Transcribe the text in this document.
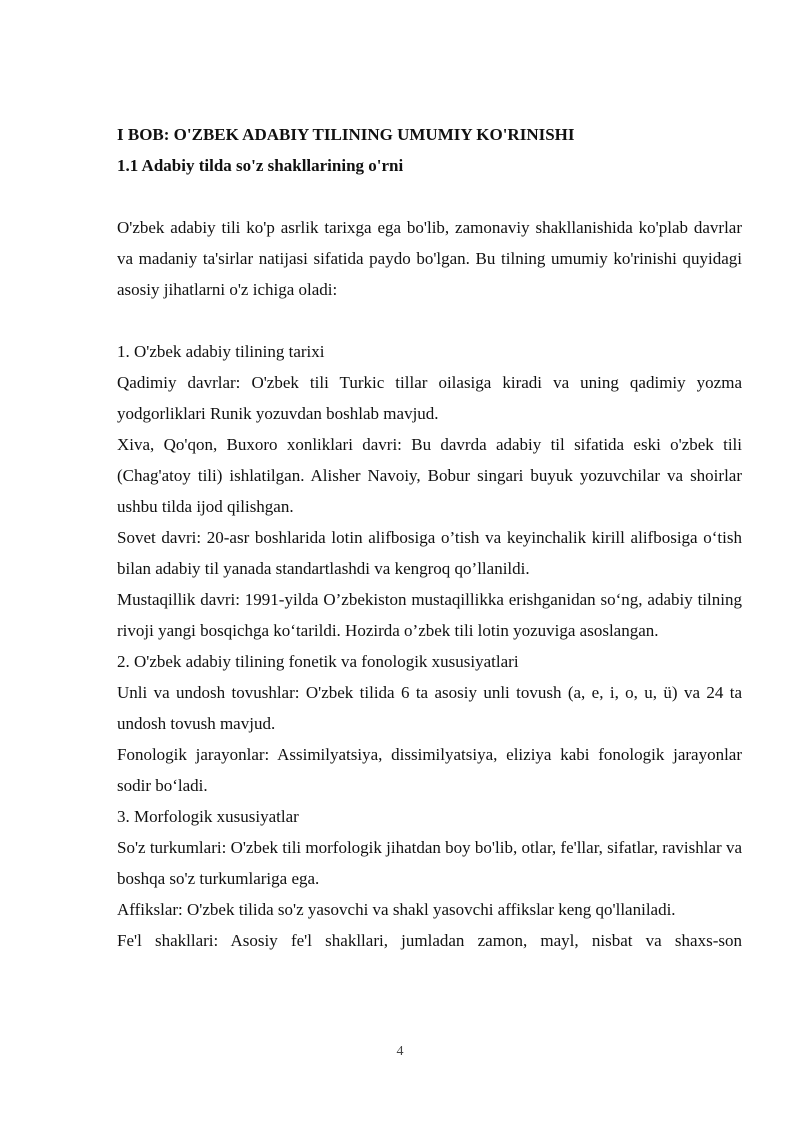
I BOB: O'ZBEK ADABIY TILINING UMUMIY KO'RINISHI
1.1 Adabiy tilda so'z shakllarining o'rni

O'zbek adabiy tili ko'p asrlik tarixga ega bo'lib, zamonaviy shakllanishida ko'plab davrlar va madaniy ta'sirlar natijasi sifatida paydo bo'lgan. Bu tilning umumiy ko'rinishi quyidagi asosiy jihatlarni o'z ichiga oladi:

1. O'zbek adabiy tilining tarixi

Qadimiy davrlar: O'zbek tili Turkic tillar oilasiga kiradi va uning qadimiy yozma yodgorliklari Runik yozuvdan boshlab mavjud.

Xiva, Qo'qon, Buxoro xonliklari davri: Bu davrda adabiy til sifatida eski o'zbek tili (Chag'atoy tili) ishlatilgan. Alisher Navoiy, Bobur singari buyuk yozuvchilar va shoirlar ushbu tilda ijod qilishgan.

Sovet davri: 20-asr boshlarida lotin alifbosiga o’tish va keyinchalik kirill alifbosiga o‘tish bilan adabiy til yanada standartlashdi va kengroq qo’llanildi.

Mustaqillik davri: 1991-yilda O’zbekiston mustaqillikka erishganidan so‘ng, adabiy tilning rivoji yangi bosqichga ko‘tarildi. Hozirda o’zbek tili lotin yozuviga asoslangan.

2. O'zbek adabiy tilining fonetik va fonologik xususiyatlari

Unli va undosh tovushlar: O'zbek tilida 6 ta asosiy unli tovush (a, e, i, o, u, ü) va 24 ta undosh tovush mavjud.

Fonologik jarayonlar: Assimilyatsiya, dissimilyatsiya, eliziya kabi fonologik jarayonlar sodir bo‘ladi.

3. Morfologik xususiyatlar

So'z turkumlari: O'zbek tili morfologik jihatdan boy bo'lib, otlar, fe'llar, sifatlar, ravishlar va boshqa so'z turkumlariga ega.

Affikslar: O'zbek tilida so'z yasovchi va shakl yasovchi affikslar keng qo'llaniladi.

Fe'l shakllari: Asosiy fe'l shakllari, jumladan zamon, mayl, nisbat va shaxs-son

4
